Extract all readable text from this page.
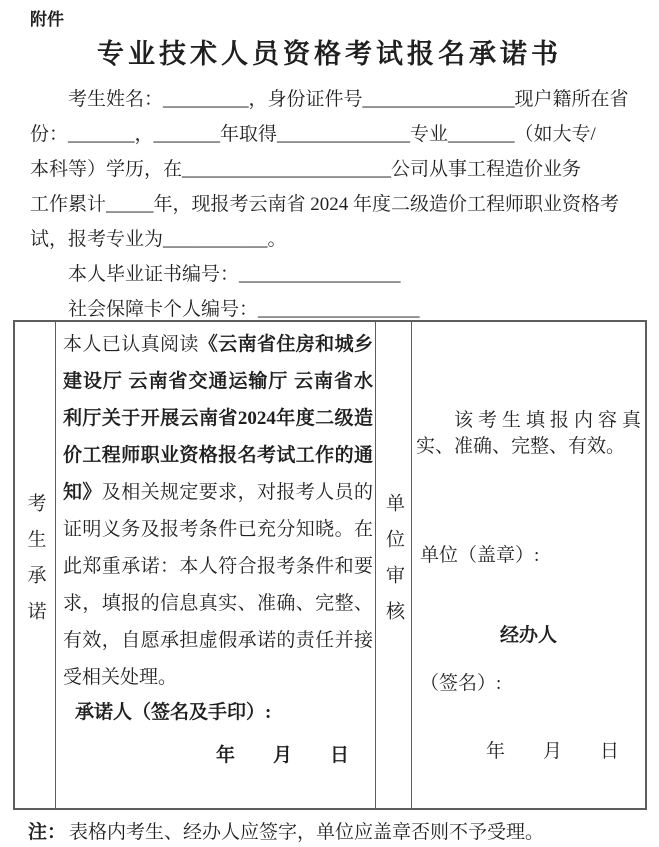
附件
专业技术人员资格考试报名承诺书
考生姓名：_________，身份证件号________________现户籍所在省
份：_______，_______年取得______________专业_______（如大专/
本科等）学历，在______________________公司从事工程造价业务
工作累计_____年，现报考云南省 2024 年度二级造价工程师职业资格考
试，报考专业为___________。
本人毕业证书编号：_________________
社会保障卡个人编号：_________________
考生承诺

本人已认真阅读《云南省住房和城乡建设厅 云南省交通运输厅 云南省水利厅关于开展云南省2024年度二级造价工程师职业资格报名考试工作的通知》及相关规定要求，对报考人员的证明义务及报考条件已充分知晓。在此郑重承诺：本人符合报考条件和要求，填报的信息真实、准确、完整、有效，自愿承担虚假承诺的责任并接受相关处理。

承诺人（签名及手印）:
年　　月　　日
单位审核

该考生填报内容真实、准确、完整、有效。

单位（盖章）:
经办人
（签名）:
年　　月　　日
注： 表格内考生、经办人应签字，单位应盖章否则不予受理。
